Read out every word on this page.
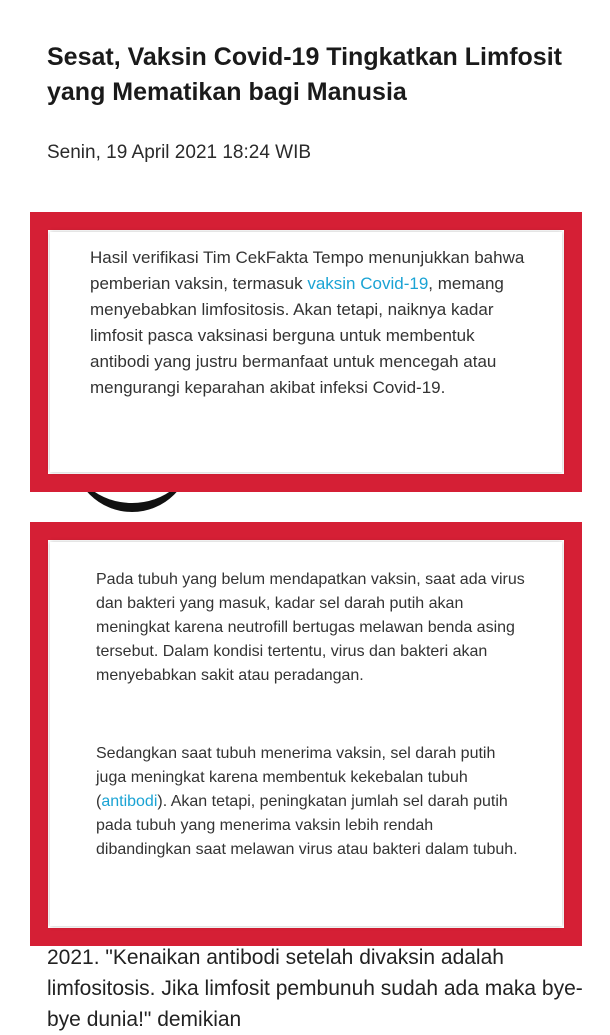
Sesat, Vaksin Covid-19 Tingkatkan Limfosit yang Mematikan bagi Manusia
Senin, 19 April 2021 18:24 WIB
Hasil verifikasi Tim CekFakta Tempo menunjukkan bahwa pemberian vaksin, termasuk vaksin Covid-19, memang menyebabkan limfositosis. Akan tetapi, naiknya kadar limfosit pasca vaksinasi berguna untuk membentuk antibodi yang justru bermanfaat untuk mencegah atau mengurangi keparahan akibat infeksi Covid-19.
Pada tubuh yang belum mendapatkan vaksin, saat ada virus dan bakteri yang masuk, kadar sel darah putih akan meningkat karena neutrofill bertugas melawan benda asing tersebut. Dalam kondisi tertentu, virus dan bakteri akan menyebabkan sakit atau peradangan.
Sedangkan saat tubuh menerima vaksin, sel darah putih juga meningkat karena membentuk kekebalan tubuh (antibodi). Akan tetapi, peningkatan jumlah sel darah putih pada tubuh yang menerima vaksin lebih rendah dibandingkan saat melawan virus atau bakteri dalam tubuh.
2021. "Kenaikan antibodi setelah divaksin adalah limfositosis. Jika limfosit pembunuh sudah ada maka bye-bye dunia!" demikian
